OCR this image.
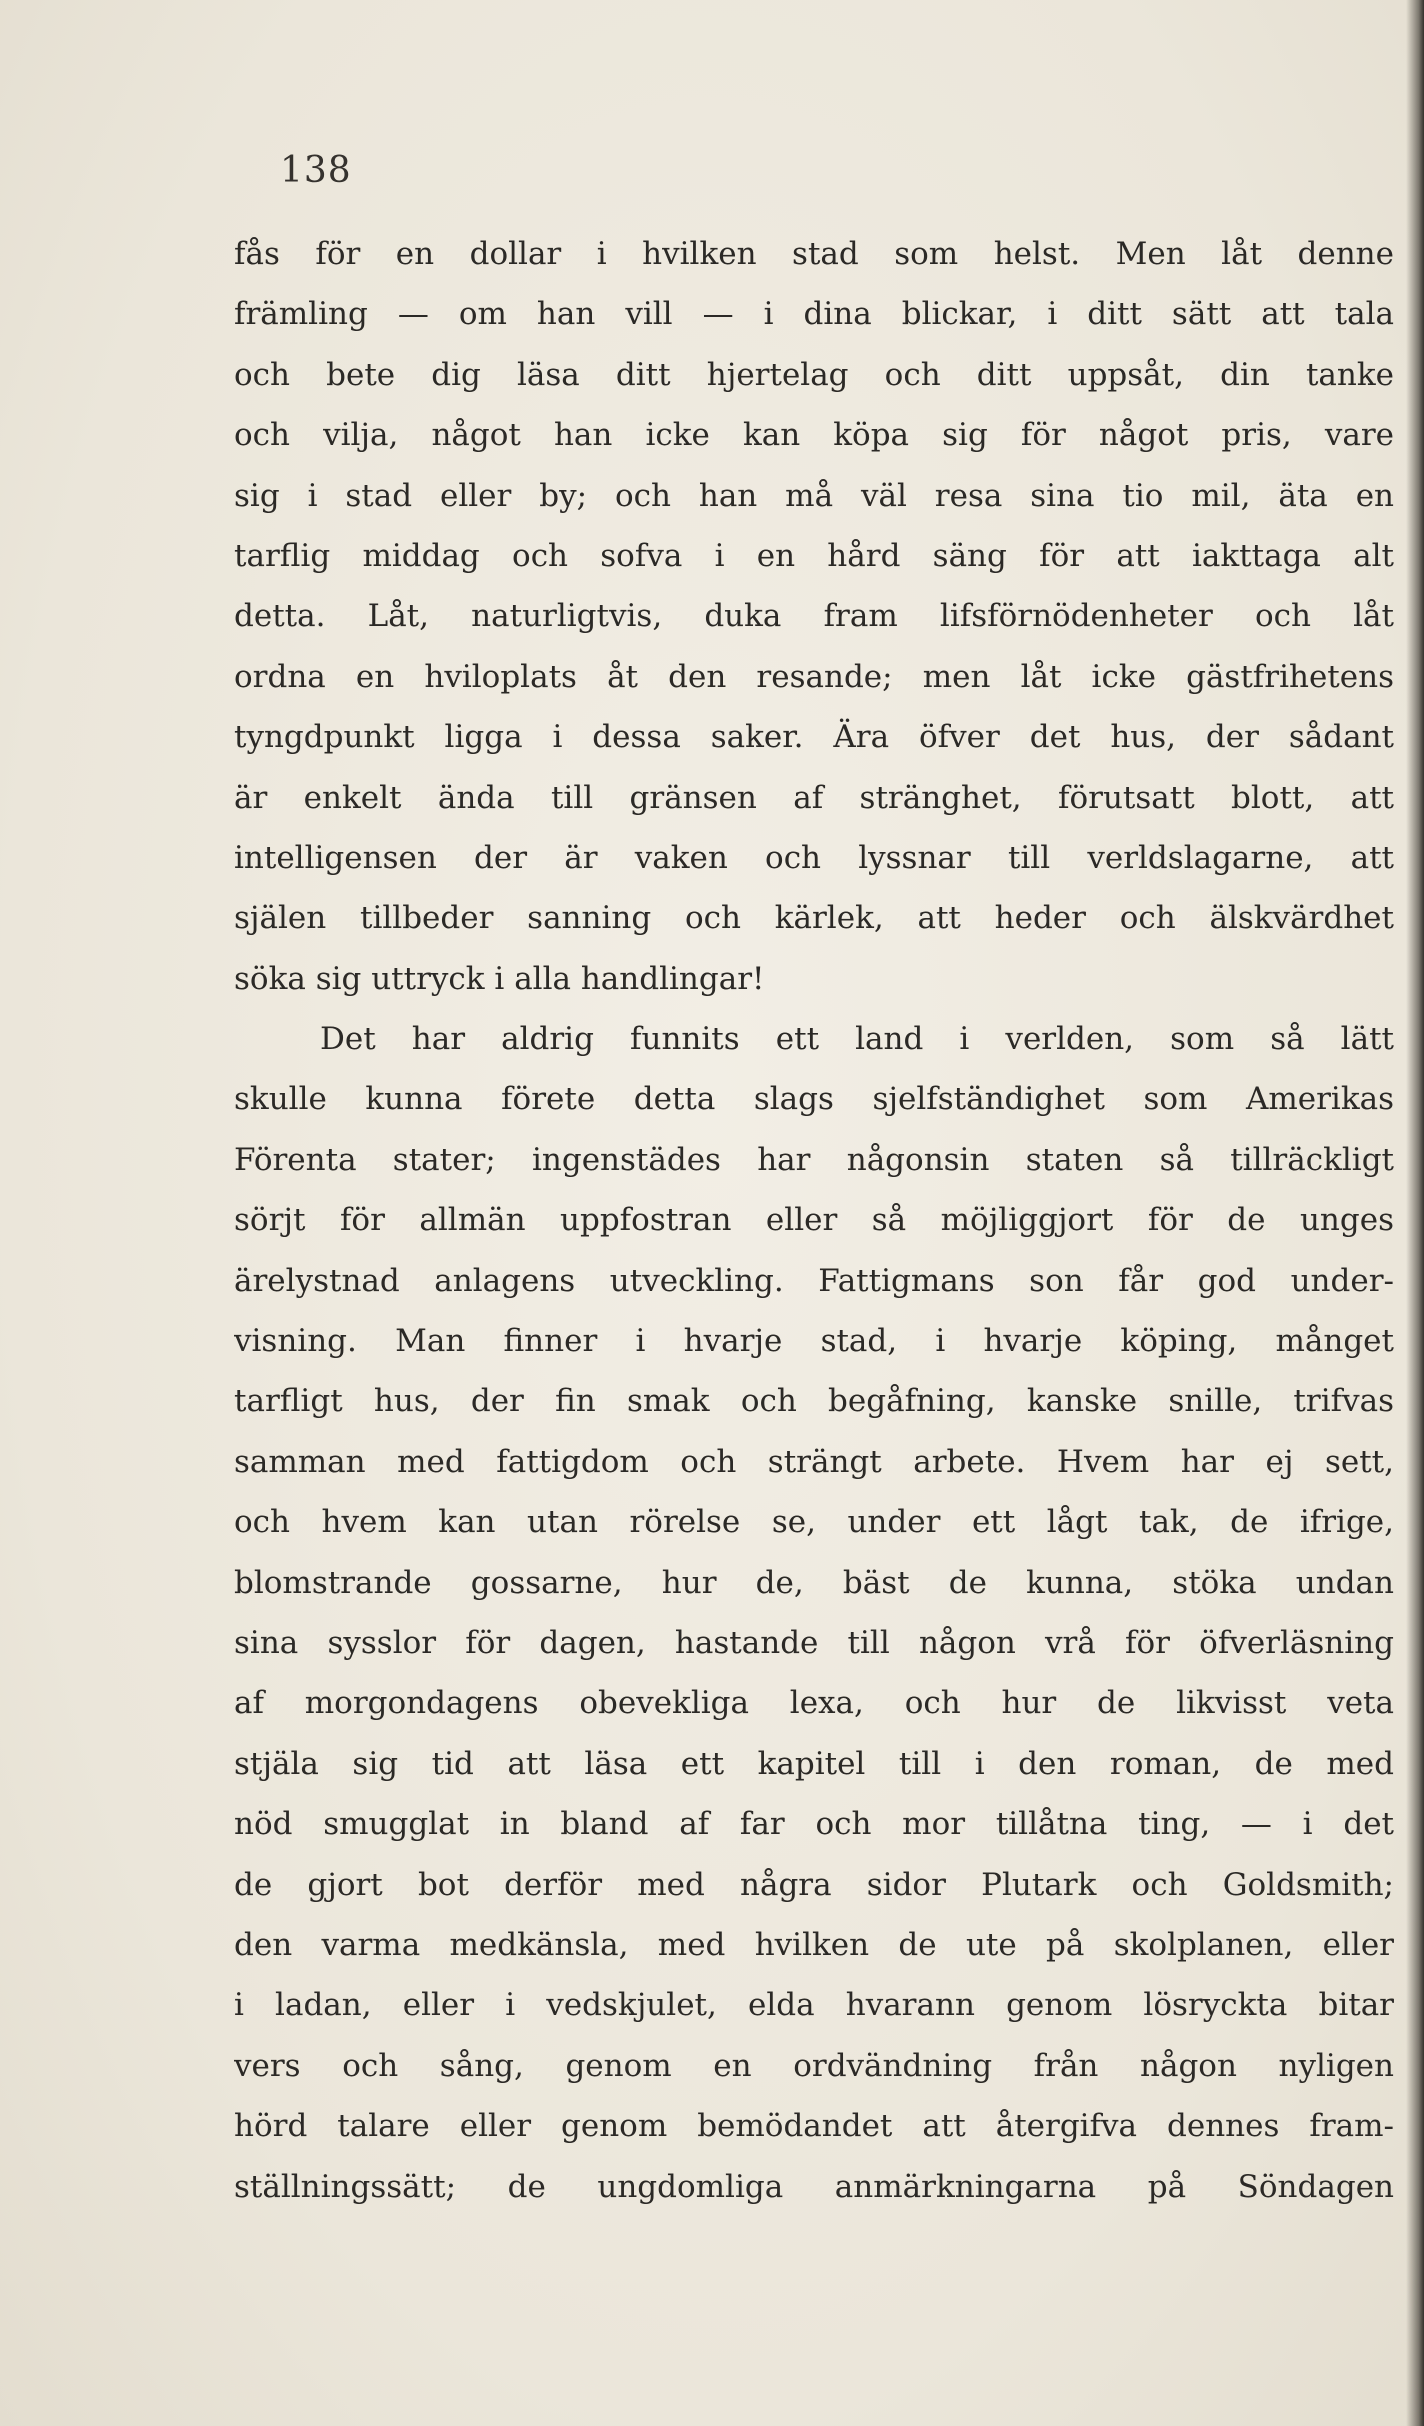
138
fås för en dollar i hvilken stad som helst. Men låt denne
främling — om han vill — i dina blickar, i ditt sätt att tala
och bete dig läsa ditt hjertelag och ditt uppsåt, din tanke
och vilja, något han icke kan köpa sig för något pris, vare
sig i stad eller by; och han må väl resa sina tio mil, äta en
tarflig middag och sofva i en hård säng för att iakttaga alt
detta. Låt, naturligtvis, duka fram lifsförnödenheter och låt
ordna en hviloplats åt den resande; men låt icke gästfrihetens
tyngdpunkt ligga i dessa saker. Ära öfver det hus, der sådant
är enkelt ända till gränsen af stränghet, förutsatt blott, att
intelligensen der är vaken och lyssnar till verldslagarne, att
själen tillbeder sanning och kärlek, att heder och älskvärdhet
söka sig uttryck i alla handlingar!
Det har aldrig funnits ett land i verlden, som så lätt
skulle kunna förete detta slags sjelfständighet som Amerikas
Förenta stater; ingenstädes har någonsin staten så tillräckligt
sörjt för allmän uppfostran eller så möjliggjort för de unges
ärelystnad anlagens utveckling. Fattigmans son får god under-
visning. Man finner i hvarje stad, i hvarje köping, månget
tarfligt hus, der fin smak och begåfning, kanske snille, trifvas
samman med fattigdom och strängt arbete. Hvem har ej sett,
och hvem kan utan rörelse se, under ett lågt tak, de ifrige,
blomstrande gossarne, hur de, bäst de kunna, stöka undan
sina sysslor för dagen, hastande till någon vrå för öfverläsning
af morgondagens obevekliga lexa, och hur de likvisst veta
stjäla sig tid att läsa ett kapitel till i den roman, de med
nöd smugglat in bland af far och mor tillåtna ting, — i det
de gjort bot derför med några sidor Plutark och Goldsmith;
den varma medkänsla, med hvilken de ute på skolplanen, eller
i ladan, eller i vedskjulet, elda hvarann genom lösryckta bitar
vers och sång, genom en ordvändning från någon nyligen
hörd talare eller genom bemödandet att återgifva dennes fram-
ställningssätt; de ungdomliga anmärkningarna på Söndagen
